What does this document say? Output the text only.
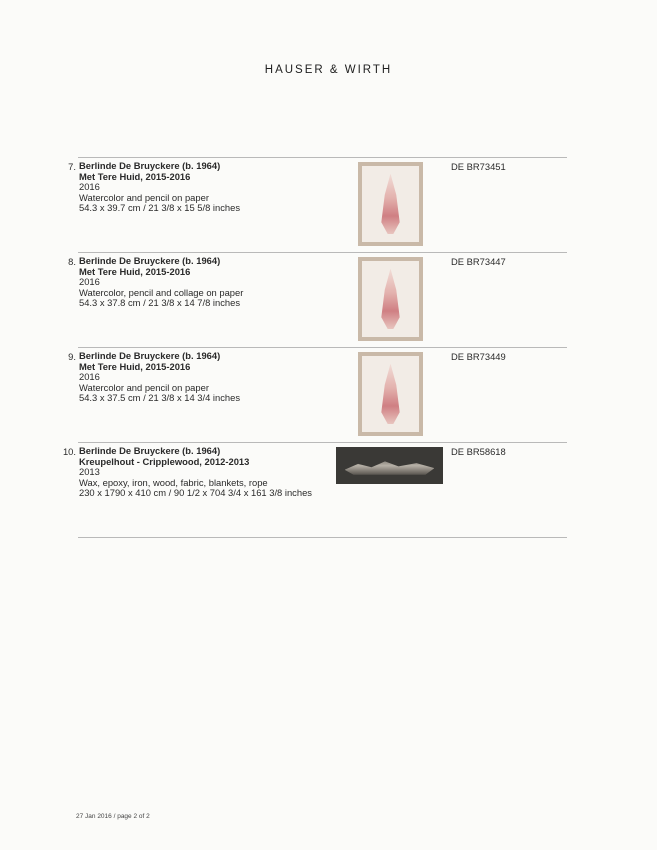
HAUSER & WIRTH
7. Berlinde De Bruyckere (b. 1964)
Met Tere Huid, 2015-2016
2016
Watercolor and pencil on paper
54.3 x 39.7 cm / 21 3/8 x 15 5/8 inches
DE BR73451
8. Berlinde De Bruyckere (b. 1964)
Met Tere Huid, 2015-2016
2016
Watercolor, pencil and collage on paper
54.3 x 37.8 cm / 21 3/8 x 14 7/8 inches
DE BR73447
9. Berlinde De Bruyckere (b. 1964)
Met Tere Huid, 2015-2016
2016
Watercolor and pencil on paper
54.3 x 37.5 cm / 21 3/8 x 14 3/4 inches
DE BR73449
10. Berlinde De Bruyckere (b. 1964)
Kreupelhout - Cripplewood, 2012-2013
2013
Wax, epoxy, iron, wood, fabric, blankets, rope
230 x 1790 x 410 cm / 90 1/2 x 704 3/4 x 161 3/8 inches
DE BR58618
27 Jan 2016 / page 2 of 2
